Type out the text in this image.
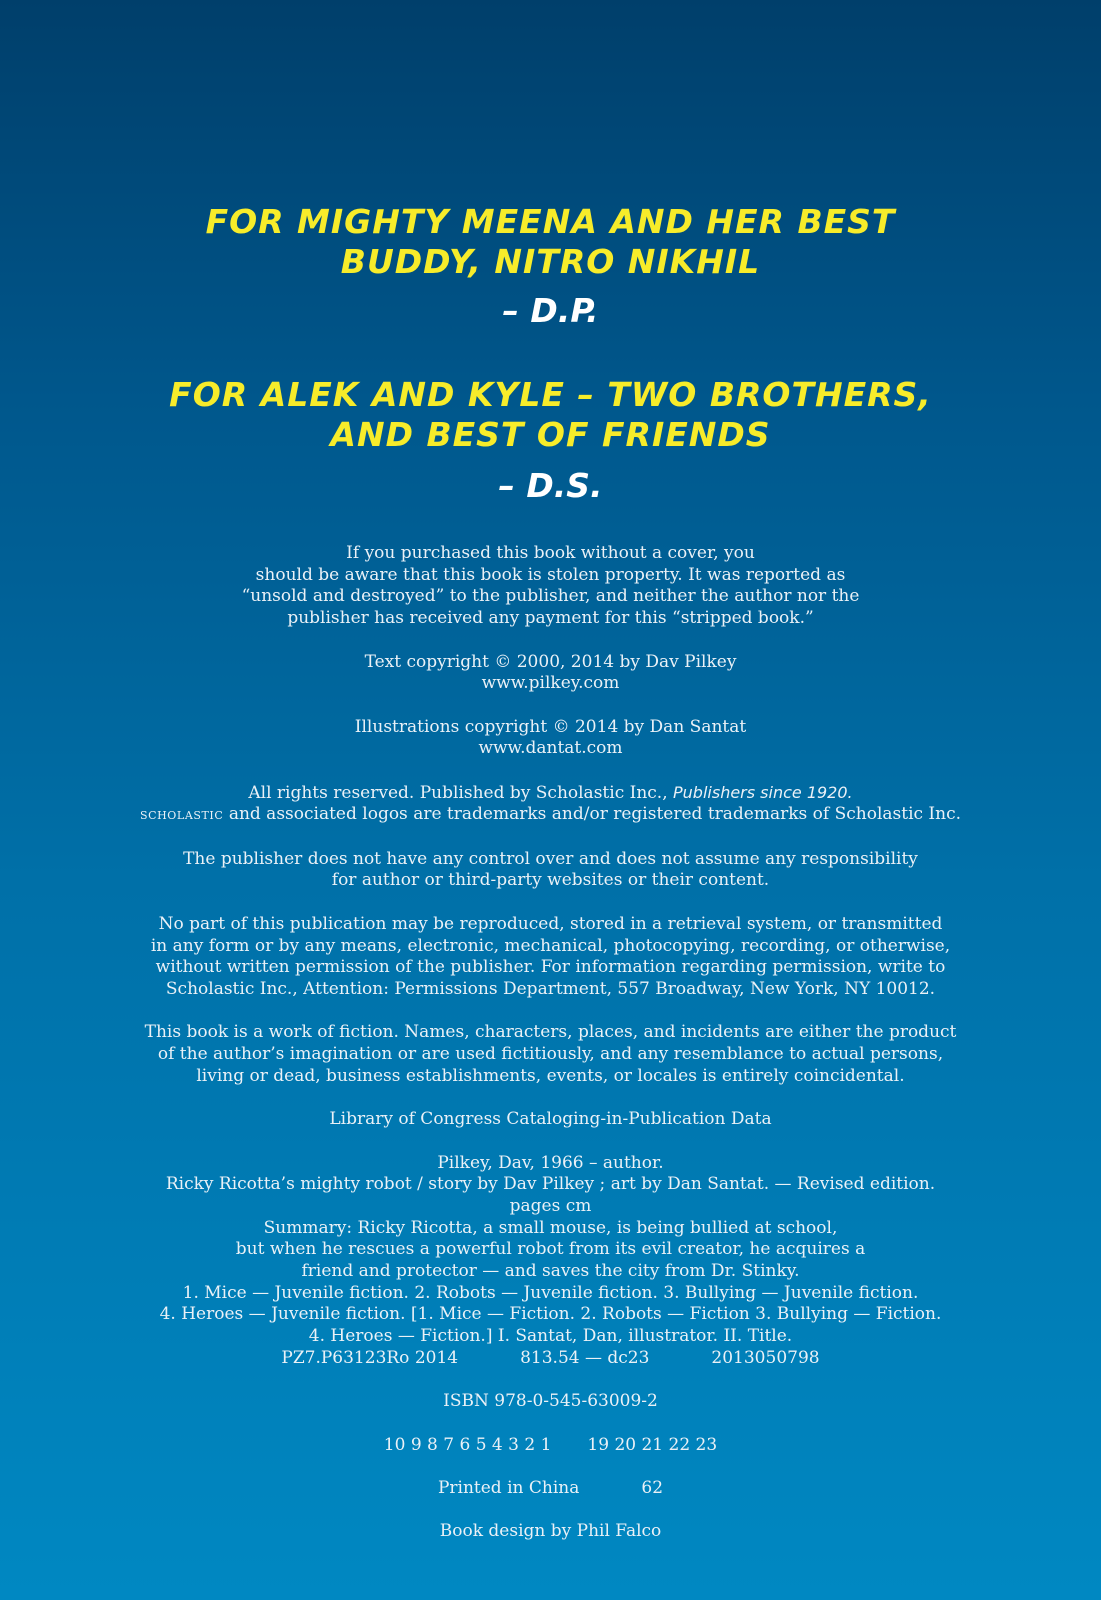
FOR MIGHTY MEENA AND HER BEST
BUDDY, NITRO NIKHIL
– D.P.
FOR ALEK AND KYLE – TWO BROTHERS,
AND BEST OF FRIENDS
– D.S.
If you purchased this book without a cover, you
should be aware that this book is stolen property. It was reported as
“unsold and destroyed” to the publisher, and neither the author nor the
publisher has received any payment for this “stripped book.”
Text copyright © 2000, 2014 by Dav Pilkey
www.pilkey.com
Illustrations copyright © 2014 by Dan Santat
www.dantat.com
All rights reserved. Published by Scholastic Inc., Publishers since 1920.
SCHOLASTIC and associated logos are trademarks and/or registered trademarks of Scholastic Inc.
The publisher does not have any control over and does not assume any responsibility
for author or third-party websites or their content.
No part of this publication may be reproduced, stored in a retrieval system, or transmitted
in any form or by any means, electronic, mechanical, photocopying, recording, or otherwise,
without written permission of the publisher. For information regarding permission, write to
Scholastic Inc., Attention: Permissions Department, 557 Broadway, New York, NY 10012.
This book is a work of fiction. Names, characters, places, and incidents are either the product
of the author’s imagination or are used fictitiously, and any resemblance to actual persons,
living or dead, business establishments, events, or locales is entirely coincidental.
Library of Congress Cataloging-in-Publication Data
Pilkey, Dav, 1966 – author.
Ricky Ricotta’s mighty robot / story by Dav Pilkey ; art by Dan Santat. — Revised edition.
pages cm
Summary: Ricky Ricotta, a small mouse, is being bullied at school,
but when he rescues a powerful robot from its evil creator, he acquires a
friend and protector — and saves the city from Dr. Stinky.
1. Mice — Juvenile fiction. 2. Robots — Juvenile fiction. 3. Bullying — Juvenile fiction.
4. Heroes — Juvenile fiction. [1. Mice — Fiction. 2. Robots — Fiction 3. Bullying — Fiction.
4. Heroes — Fiction.] I. Santat, Dan, illustrator. II. Title.
PZ7.P63123Ro 2014	813.54 — dc23	2013050798
ISBN 978-0-545-63009-2
10 9 8 7 6 5 4 3 2 1 19 20 21 22 23
Printed in China	62
Book design by Phil Falco
